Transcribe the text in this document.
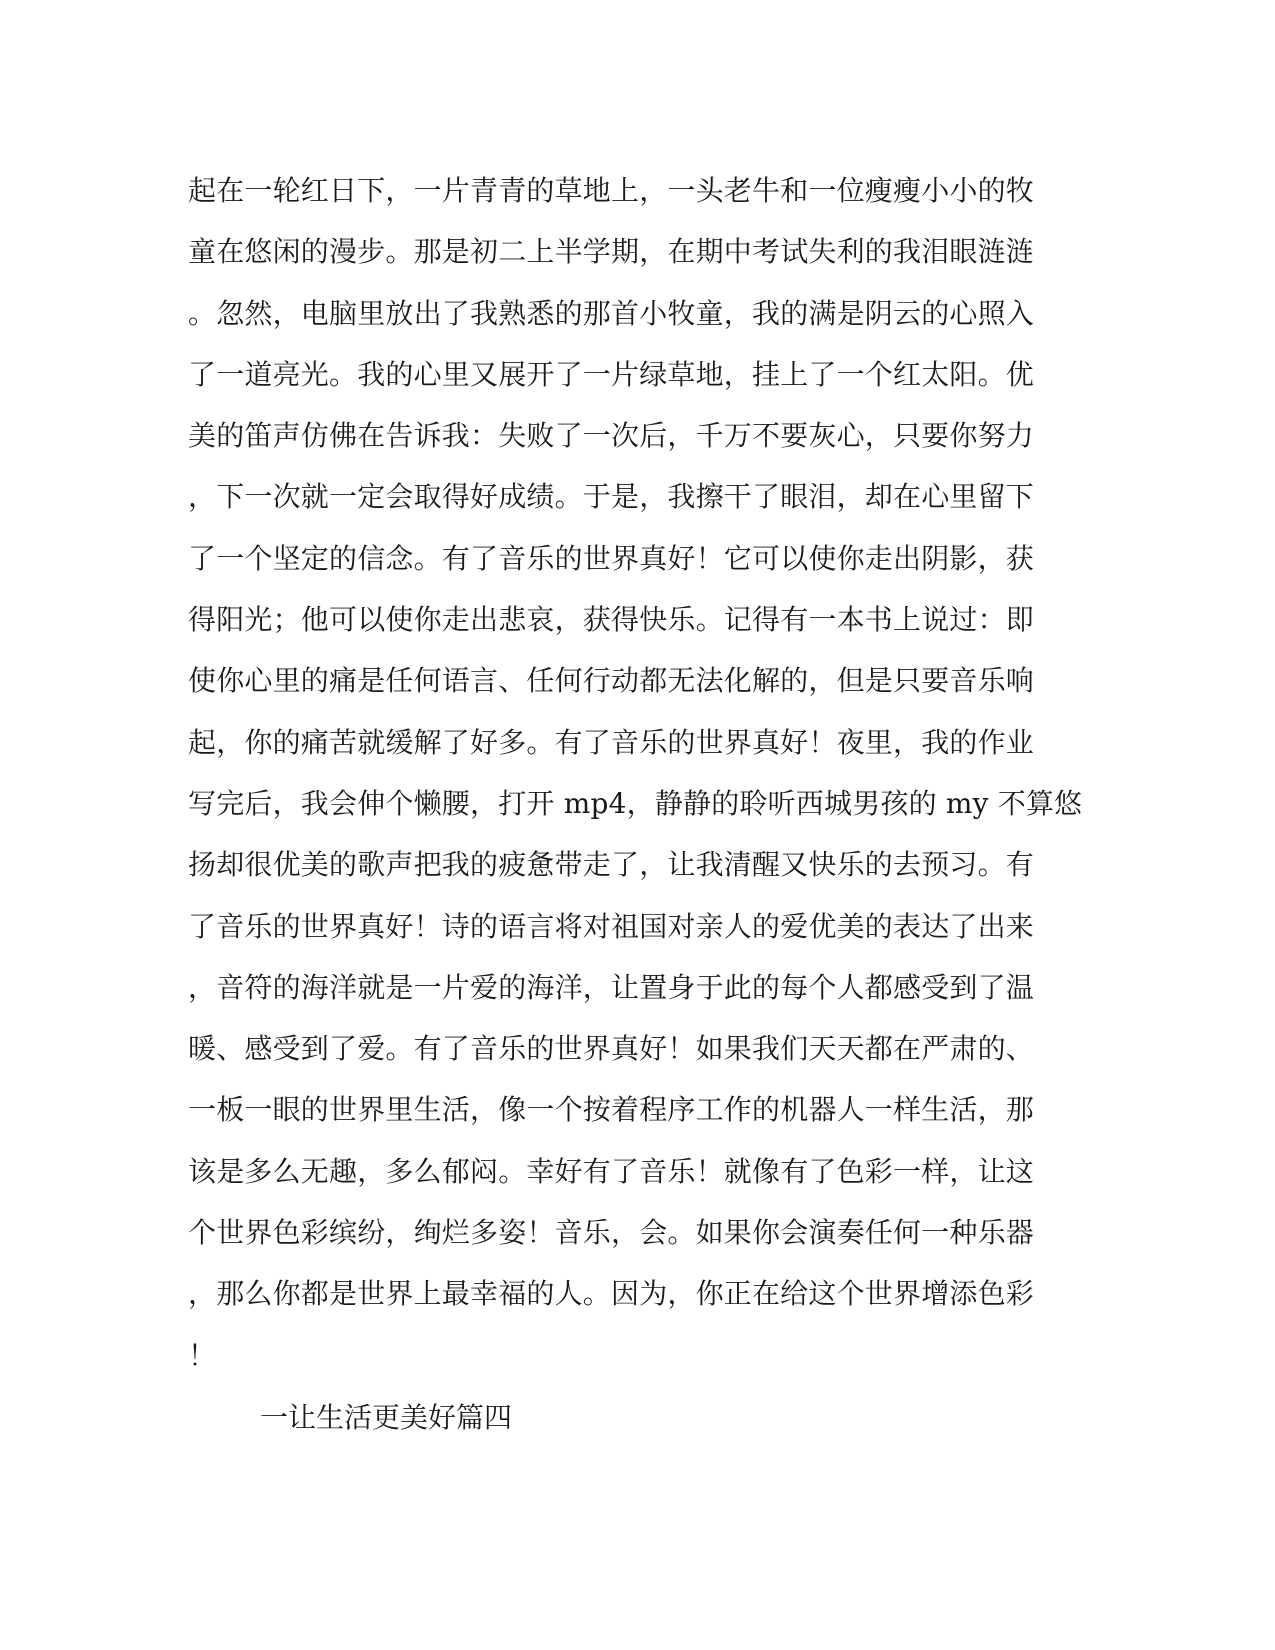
起在一轮红日下，一片青青的草地上，一头老牛和一位瘦瘦小小的牧
童在悠闲的漫步。那是初二上半学期，在期中考试失利的我泪眼涟涟
。忽然，电脑里放出了我熟悉的那首小牧童，我的满是阴云的心照入
了一道亮光。我的心里又展开了一片绿草地，挂上了一个红太阳。优
美的笛声仿佛在告诉我：失败了一次后，千万不要灰心，只要你努力
，下一次就一定会取得好成绩。于是，我擦干了眼泪，却在心里留下
了一个坚定的信念。有了音乐的世界真好！它可以使你走出阴影，获
得阳光；他可以使你走出悲哀，获得快乐。记得有一本书上说过：即
使你心里的痛是任何语言、任何行动都无法化解的，但是只要音乐响
起，你的痛苦就缓解了好多。有了音乐的世界真好！夜里，我的作业
写完后，我会伸个懒腰，打开 mp4，静静的聆听西城男孩的 my 不算悠
扬却很优美的歌声把我的疲惫带走了，让我清醒又快乐的去预习。有
了音乐的世界真好！诗的语言将对祖国对亲人的爱优美的表达了出来
，音符的海洋就是一片爱的海洋，让置身于此的每个人都感受到了温
暖、感受到了爱。有了音乐的世界真好！如果我们天天都在严肃的、
一板一眼的世界里生活，像一个按着程序工作的机器人一样生活，那
该是多么无趣，多么郁闷。幸好有了音乐！就像有了色彩一样，让这
个世界色彩缤纷，绚烂多姿！音乐，会。如果你会演奏任何一种乐器
，那么你都是世界上最幸福的人。因为，你正在给这个世界增添色彩
！
一让生活更美好篇四
